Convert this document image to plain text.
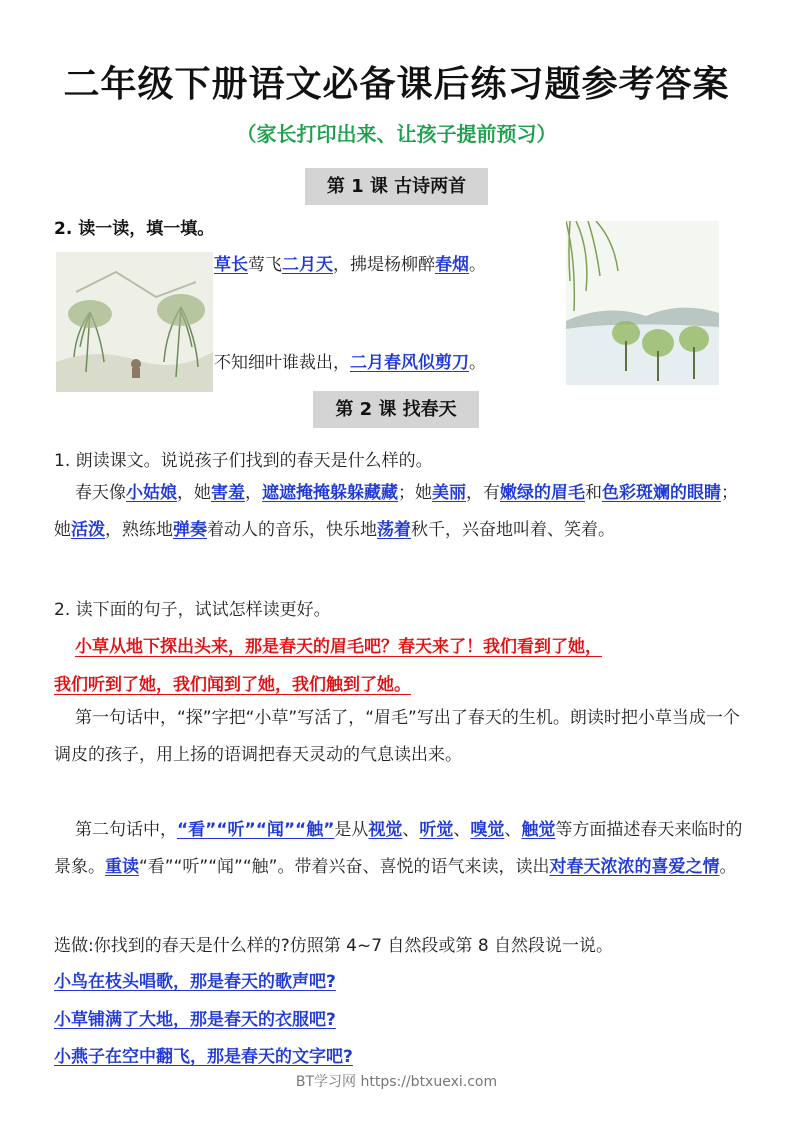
二年级下册语文必备课后练习题参考答案
（家长打印出来、让孩子提前预习）
第 1 课 古诗两首
2. 读一读，填一填。
草长莺飞二月天，拂堤杨柳醉春烟。
不知细叶谁裁出，二月春风似剪刀。
第 2 课 找春天
1. 朗读课文。说说孩子们找到的春天是什么样的。
春天像小姑娘，她害羞，遮遮掩掩躲躲藏藏；她美丽，有嫩绿的眉毛和色彩斑斓的眼睛；她活泼，熟练地弹奏着动人的音乐，快乐地荡着秋千，兴奋地叫着、笑着。
2. 读下面的句子，试试怎样读更好。
小草从地下探出头来，那是春天的眉毛吧？春天来了！我们看到了她，
我们听到了她，我们闻到了她，我们触到了她。
第一句话中，“探”字把“小草”写活了，“眉毛”写出了春天的生机。朗读时把小草当成一个调皮的孩子，用上扬的语调把春天灵动的气息读出来。
第二句话中，“看”“听”“闻”“触”是从视觉、听觉、嗅觉、触觉等方面描述春天来临时的景象。重读“看”“听”“闻”“触”。带着兴奋、喜悦的语气来读，读出对春天浓浓的喜爱之情。
选做:你找到的春天是什么样的?仿照第 4~7 自然段或第 8 自然段说一说。
小鸟在枝头唱歌，那是春天的歌声吧?
小草铺满了大地，那是春天的衣服吧?
小燕子在空中翻飞，那是春天的文字吧?
BT学习网 https://btxuexi.com
